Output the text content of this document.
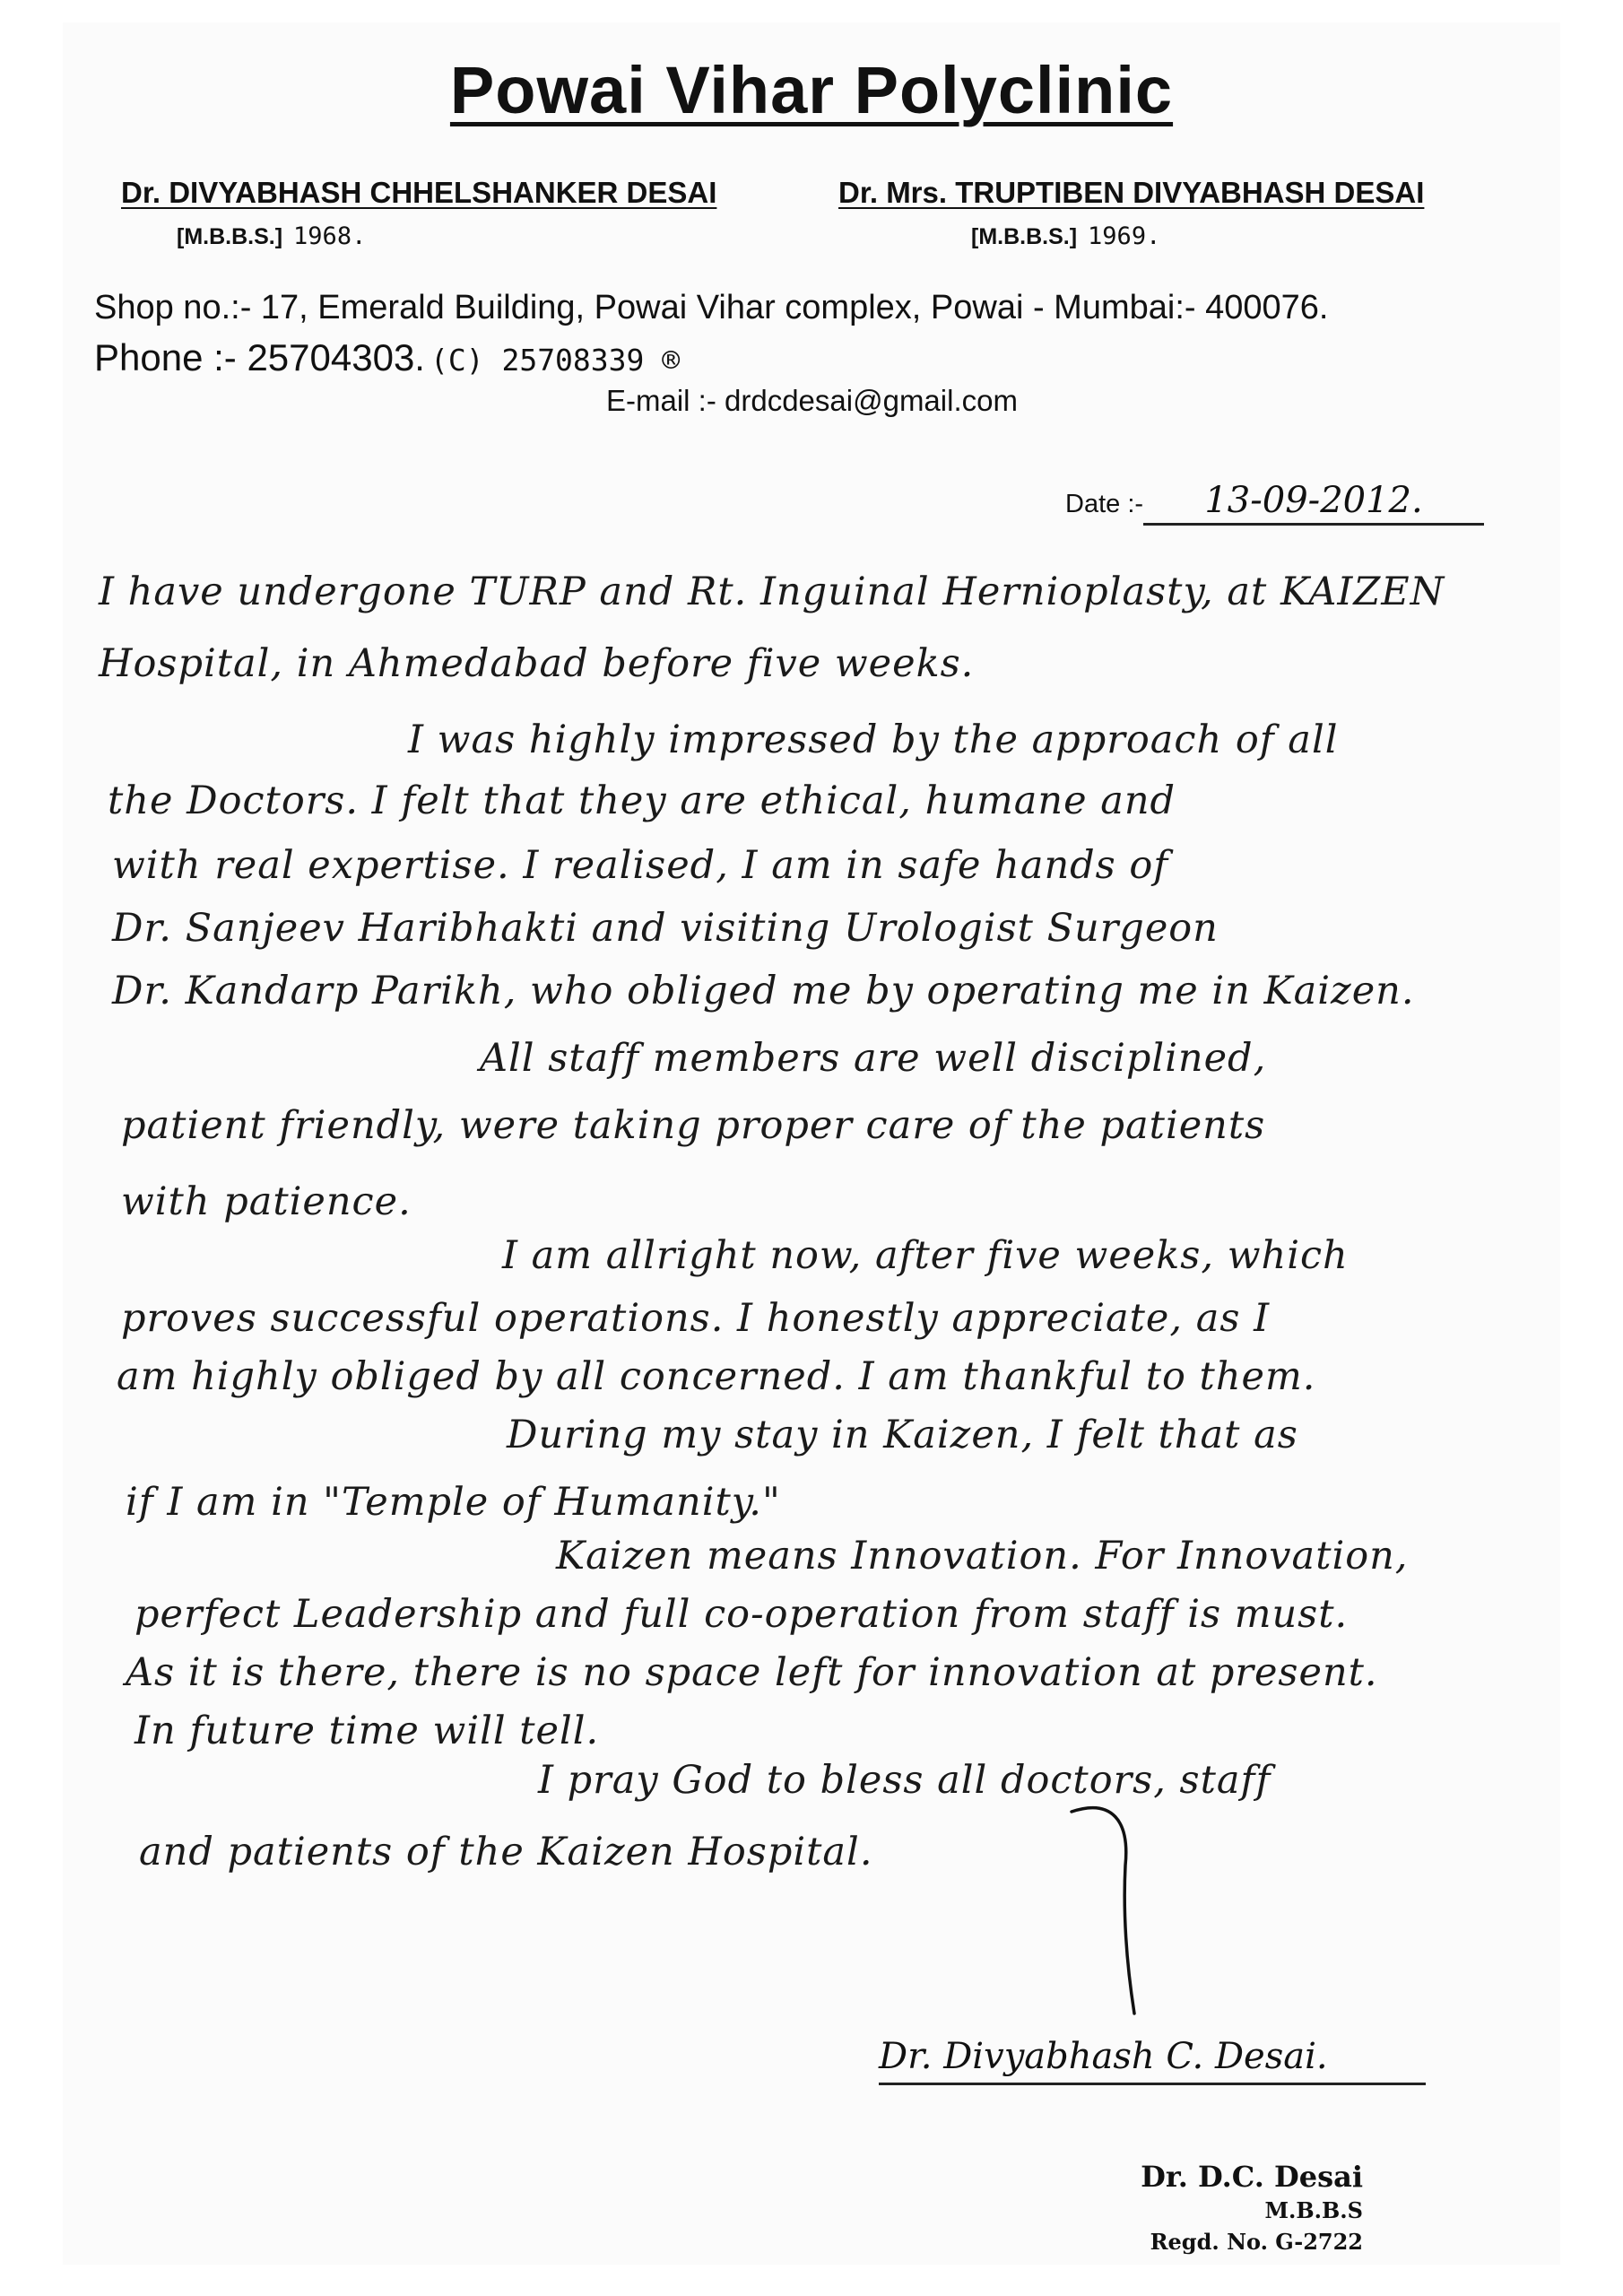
Powai Vihar Polyclinic
Dr. DIVYABHASH CHHELSHANKER DESAI	Dr. Mrs. TRUPTIBEN DIVYABHASH DESAI
[M.B.B.S.] 1968.	[M.B.B.S.] 1969.
Shop no.:- 17, Emerald Building, Powai Vihar complex, Powai - Mumbai:- 400076.
Phone :- 25704303. (C) 25708339 ®
E-mail :- drdcdesai@gmail.com
Date :- 13-09-2012.
I have undergone TURP and Rt. Inguinal Hernioplasty, at KAIZEN
Hospital, in Ahmedabad before five weeks.
I was highly impressed by the approach of all
the Doctors. I felt that they are ethical, humane and
with real expertise. I realised, I am in safe hands of
Dr. Sanjeev Haribhakti and visiting Urologist Surgeon
Dr. Kandarp Parikh, who obliged me by operating me in Kaizen.
All staff members are well disciplined,
patient friendly, were taking proper care of the patients
with patience.
I am allright now, after five weeks, which
proves successful operations. I honestly appreciate, as I
am highly obliged by all concerned. I am thankful to them.
During my stay in Kaizen, I felt that as
if I am in "Temple of Humanity."
Kaizen means Innovation. For Innovation,
perfect Leadership and full co-operation from staff is must.
As it is there, there is no space left for innovation at present.
In future time will tell.
I pray God to bless all doctors, staff
and patients of the Kaizen Hospital.
Dr. Divyabhash C. Desai.
Dr. D.C. Desai
M.B.B.S
Regd. No. G-2722
